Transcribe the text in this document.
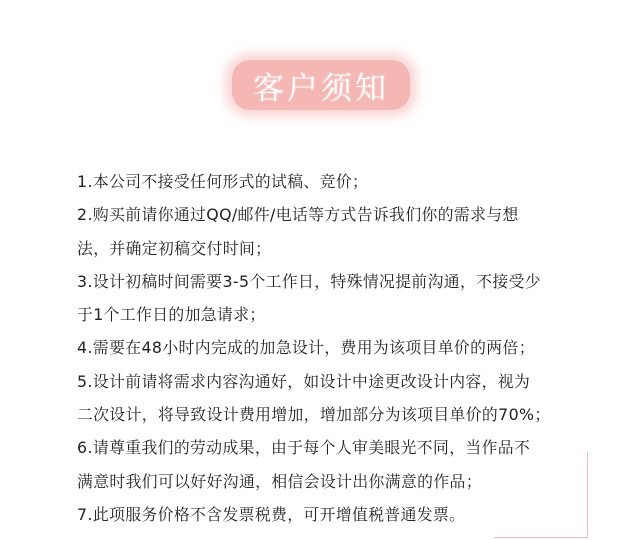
客户须知
1.本公司不接受任何形式的试稿、竞价；
2.购买前请你通过QQ/邮件/电话等方式告诉我们你的需求与想
法，并确定初稿交付时间；
3.设计初稿时间需要3-5个工作日，特殊情况提前沟通，不接受少
于1个工作日的加急请求；
4.需要在48小时内完成的加急设计，费用为该项目单价的两倍；
5.设计前请将需求内容沟通好，如设计中途更改设计内容，视为
二次设计，将导致设计费用增加，增加部分为该项目单价的70%；
6.请尊重我们的劳动成果，由于每个人审美眼光不同，当作品不
满意时我们可以好好沟通，相信会设计出你满意的作品；
7.此项服务价格不含发票税费，可开增值税普通发票。
